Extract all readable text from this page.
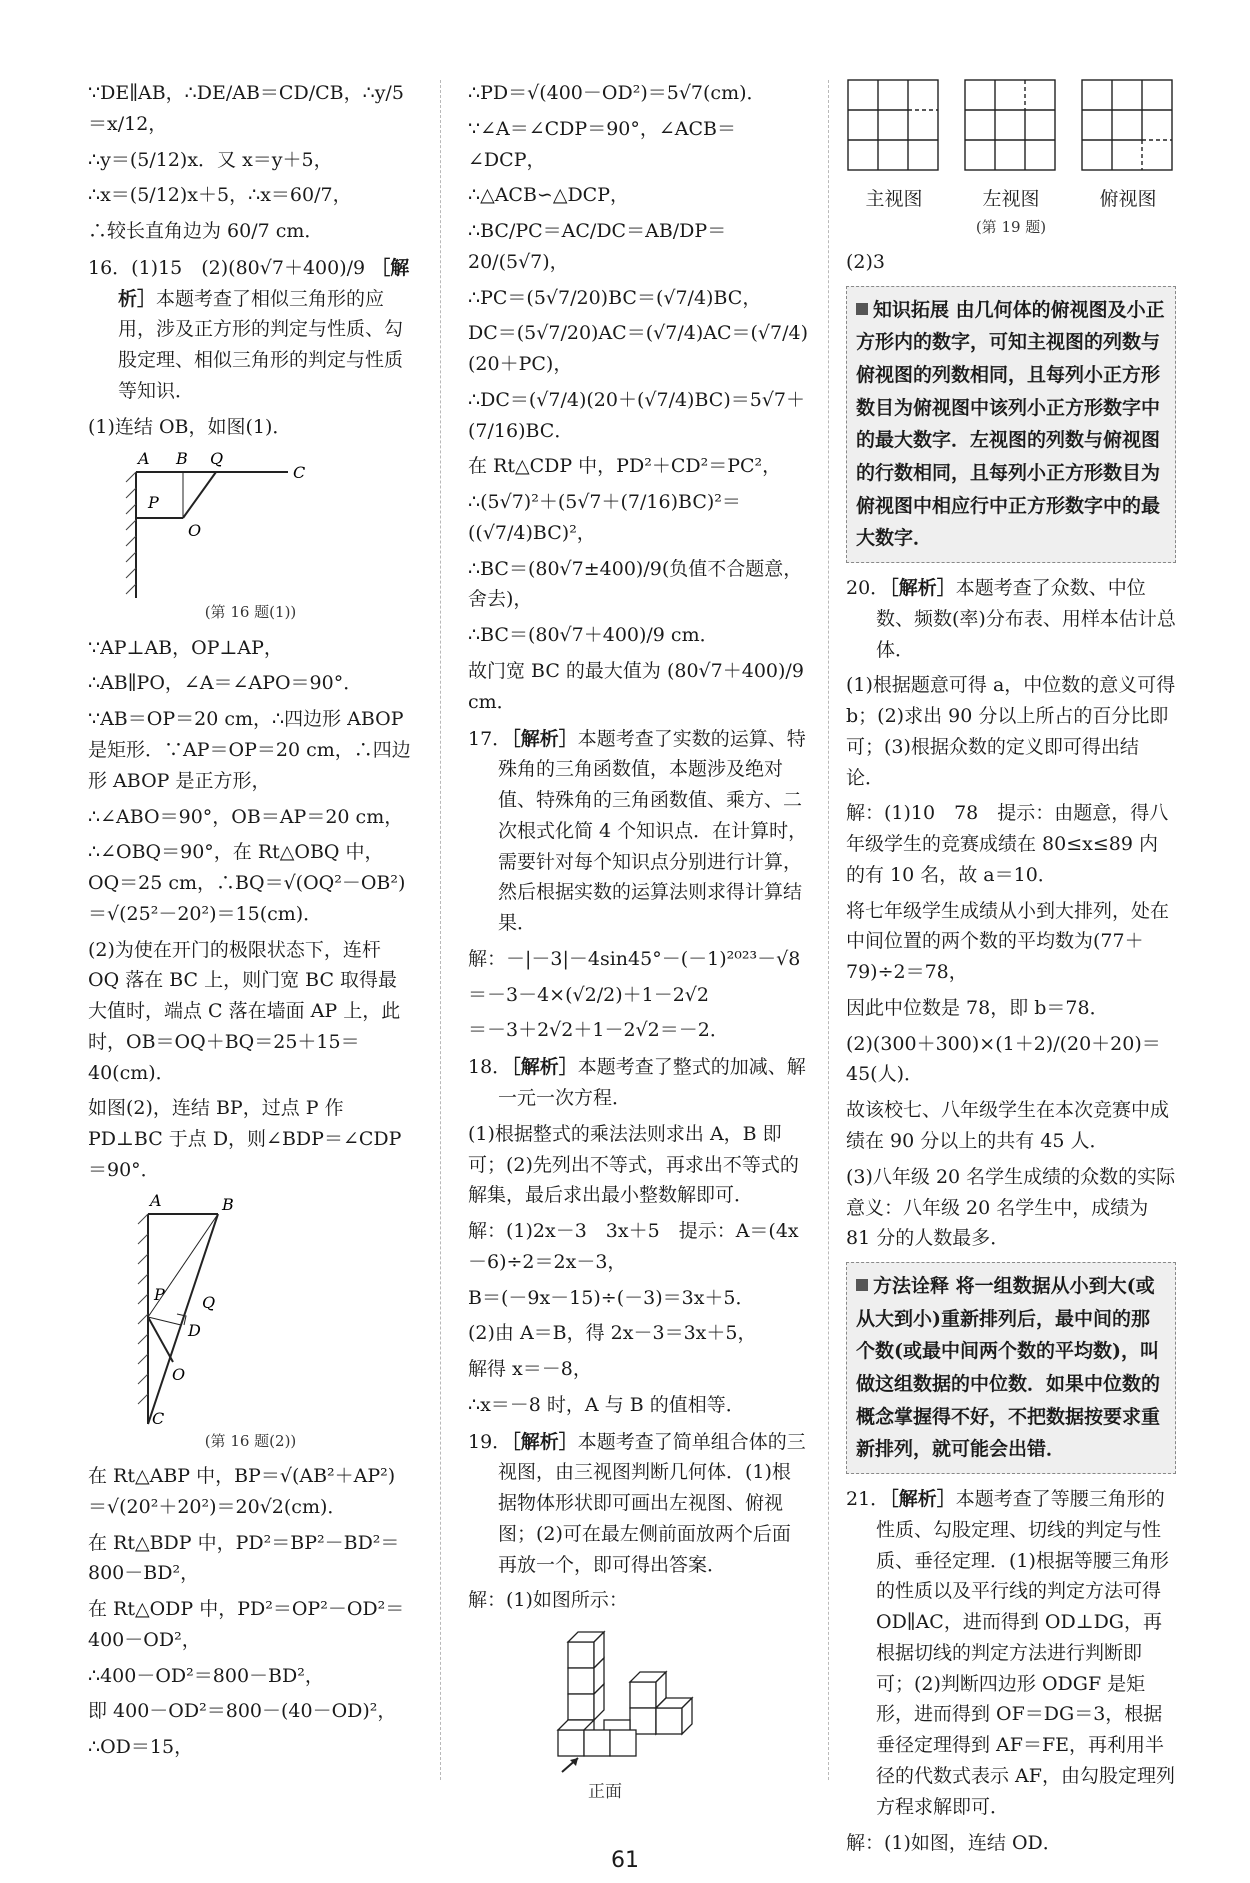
∵DE∥AB，∴DE/AB＝CD/CB，∴y/5＝x/12，

∴y＝(5/12)x．又 x＝y＋5，

∴x＝(5/12)x＋5，∴x＝60/7，

∴较长直角边为 60/7 cm．

16．(1)15　(2)(80√7＋400)/9 ［解析］本题考查了相似三角形的应用，涉及正方形的判定与性质、勾股定理、相似三角形的判定与性质等知识．

(1)连结 OB，如图(1)．

A B Q
C
P
O

(第 16 题(1))

∵AP⊥AB，OP⊥AP，

∴AB∥PO，∠A＝∠APO＝90°．

∵AB＝OP＝20 cm，∴四边形 ABOP 是矩形．∵AP＝OP＝20 cm，∴四边形 ABOP 是正方形，

∴∠ABO＝90°，OB＝AP＝20 cm，

∴∠OBQ＝90°，在 Rt△OBQ 中，OQ＝25 cm，∴BQ＝√(OQ²－OB²)＝√(25²－20²)＝15(cm)．

(2)为使在开门的极限状态下，连杆 OQ 落在 BC 上，则门宽 BC 取得最大值时，端点 C 落在墙面 AP 上，此时，OB＝OQ＋BQ＝25＋15＝40(cm)．

如图(2)，连结 BP，过点 P 作 PD⊥BC 于点 D，则∠BDP＝∠CDP＝90°．

A	B
P Q
D
O
C

(第 16 题(2))

在 Rt△ABP 中，BP＝√(AB²＋AP²)＝√(20²＋20²)＝20√2(cm)．

在 Rt△BDP 中，PD²＝BP²－BD²＝800－BD²，

在 Rt△ODP 中，PD²＝OP²－OD²＝400－OD²，

∴400－OD²＝800－BD²，

即 400－OD²＝800－(40－OD)²，

∴OD＝15，

∴PD＝√(400－OD²)＝5√7(cm)．

∵∠A＝∠CDP＝90°，∠ACB＝∠DCP，

∴△ACB∽△DCP，

∴BC/PC＝AC/DC＝AB/DP＝20/(5√7)，

∴PC＝(5√7/20)BC＝(√7/4)BC，

DC＝(5√7/20)AC＝(√7/4)AC＝(√7/4)(20＋PC)，

∴DC＝(√7/4)(20＋(√7/4)BC)＝5√7＋(7/16)BC．

在 Rt△CDP 中，PD²＋CD²＝PC²，

∴(5√7)²＋(5√7＋(7/16)BC)²＝((√7/4)BC)²，

∴BC＝(80√7±400)/9(负值不合题意，舍去)，

∴BC＝(80√7＋400)/9 cm．

故门宽 BC 的最大值为 (80√7＋400)/9 cm．

17．［解析］本题考查了实数的运算、特殊角的三角函数值，本题涉及绝对值、特殊角的三角函数值、乘方、二次根式化简 4 个知识点．在计算时，需要针对每个知识点分别进行计算，然后根据实数的运算法则求得计算结果．

解：－|－3|－4sin45°－(－1)²⁰²³－√8

＝－3－4×(√2/2)＋1－2√2

＝－3＋2√2＋1－2√2＝－2．

18．［解析］本题考查了整式的加减、解一元一次方程．

(1)根据整式的乘法法则求出 A，B 即可；(2)先列出不等式，再求出不等式的解集，最后求出最小整数解即可．

解：(1)2x－3　3x＋5　提示：A＝(4x－6)÷2＝2x－3，

B＝(－9x－15)÷(－3)＝3x＋5．

(2)由 A＝B，得 2x－3＝3x＋5，

解得 x＝－8，

∴x＝－8 时，A 与 B 的值相等．

19．［解析］本题考查了简单组合体的三视图，由三视图判断几何体．(1)根据物体形状即可画出左视图、俯视图；(2)可在最左侧前面放两个后面再放一个，即可得出答案．

解：(1)如图所示：

正面

主视图	左视图	俯视图

(第 19 题)

(2)3

知识拓展 由几何体的俯视图及小正方形内的数字，可知主视图的列数与俯视图的列数相同，且每列小正方形数目为俯视图中该列小正方形数字中的最大数字．左视图的列数与俯视图的行数相同，且每列小正方形数目为俯视图中相应行中正方形数字中的最大数字．

20．［解析］本题考查了众数、中位数、频数(率)分布表、用样本估计总体．

(1)根据题意可得 a，中位数的意义可得 b；(2)求出 90 分以上所占的百分比即可；(3)根据众数的定义即可得出结论．

解：(1)10　78　提示：由题意，得八年级学生的竞赛成绩在 80≤x≤89 内的有 10 名，故 a＝10．

将七年级学生成绩从小到大排列，处在中间位置的两个数的平均数为(77＋79)÷2＝78，

因此中位数是 78，即 b＝78．

(2)(300＋300)×(1＋2)/(20＋20)＝45(人)．

故该校七、八年级学生在本次竞赛中成绩在 90 分以上的共有 45 人．

(3)八年级 20 名学生成绩的众数的实际意义：八年级 20 名学生中，成绩为 81 分的人数最多．

方法诠释 将一组数据从小到大(或从大到小)重新排列后，最中间的那个数(或最中间两个数的平均数)，叫做这组数据的中位数．如果中位数的概念掌握得不好，不把数据按要求重新排列，就可能会出错．

21．［解析］本题考查了等腰三角形的性质、勾股定理、切线的判定与性质、垂径定理．(1)根据等腰三角形的性质以及平行线的判定方法可得 OD∥AC，进而得到 OD⊥DG，再根据切线的判定方法进行判断即可；(2)判断四边形 ODGF 是矩形，进而得到 OF＝DG＝3，根据垂径定理得到 AF＝FE，再利用半径的代数式表示 AF，由勾股定理列方程求解即可．

解：(1)如图，连结 OD．

61
